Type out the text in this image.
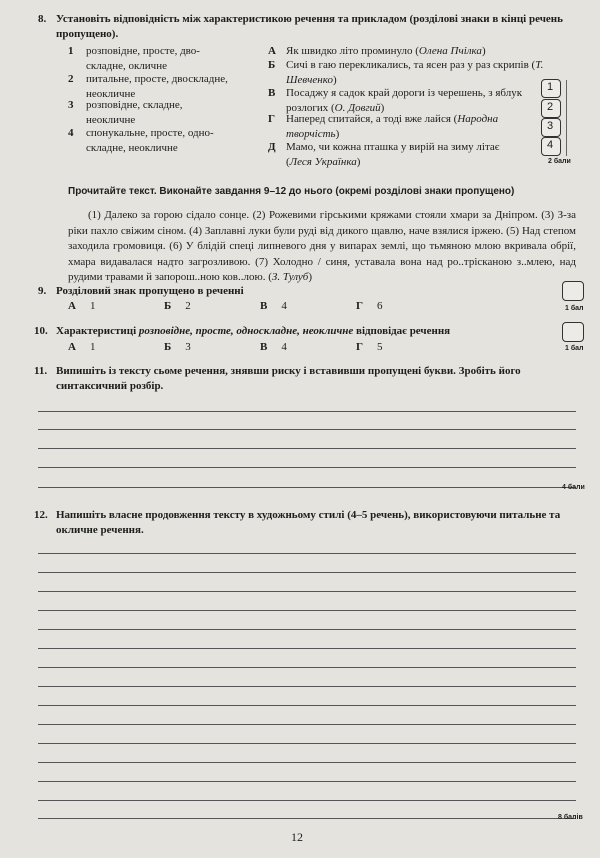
8. Установіть відповідність між характеристикою речення та прикладом (розділові знаки в кінці речень пропущено).
1 розповідне, просте, дво-
складне, окличне
2 питальне, просте, двоскладне, неокличне
3 розповідне, складне,
неокличне
4 спонукальне, просте, одно-
складне, неокличне
А Як швидко літо проминуло (Олена Пчілка)
Б Сичі в гаю перекликались, та ясен раз у раз скрипів (Т. Шевченко)
В Посаджу я садок край дороги із черешень, з яблук розлогих (О. Довгий)
Г Наперед спитайся, а тоді вже лайся (Народна творчість)
Д Мамо, чи кожна пташка у вирій на зиму літає (Леся Українка)
1
2
3
4
2 бали
Прочитайте текст. Виконайте завдання 9–12 до нього (окремі розділові знаки пропущено)
(1) Далеко за горою сідало сонце. (2) Рожевими гірськими кряжами стояли хмари за Дніпром. (3) З-за ріки пахло свіжим сіном. (4) Заплавні луки були руді від дикого щавлю, наче взялися іржею. (5) Над степом заходила громовиця. (6) У блідій спеці липневого дня у випарах землі, що тьмяною млою вкривала обрії, хмара видавалася надто загрозливою. (7) Холодно / синя, уставала вона над ро..трісканою з..млею, над рудими травами й запорош..ною ков..лою. (З. Тулуб)
9. Розділовий знак пропущено в реченні
А 1	Б 2	В 4	Г 6	1 бал
10. Характеристиці розповідне, просте, односкладне, неокличне відповідає речення
А 1	Б 3	В 4	Г 5	1 бал
11. Випишіть із тексту сьоме речення, знявши риску і вставивши пропущені букви. Зробіть його синтаксичний розбір.
4 бали
12. Напишіть власне продовження тексту в художньому стилі (4–5 речень), використовуючи питальне та окличне речення.
8 балів
12
